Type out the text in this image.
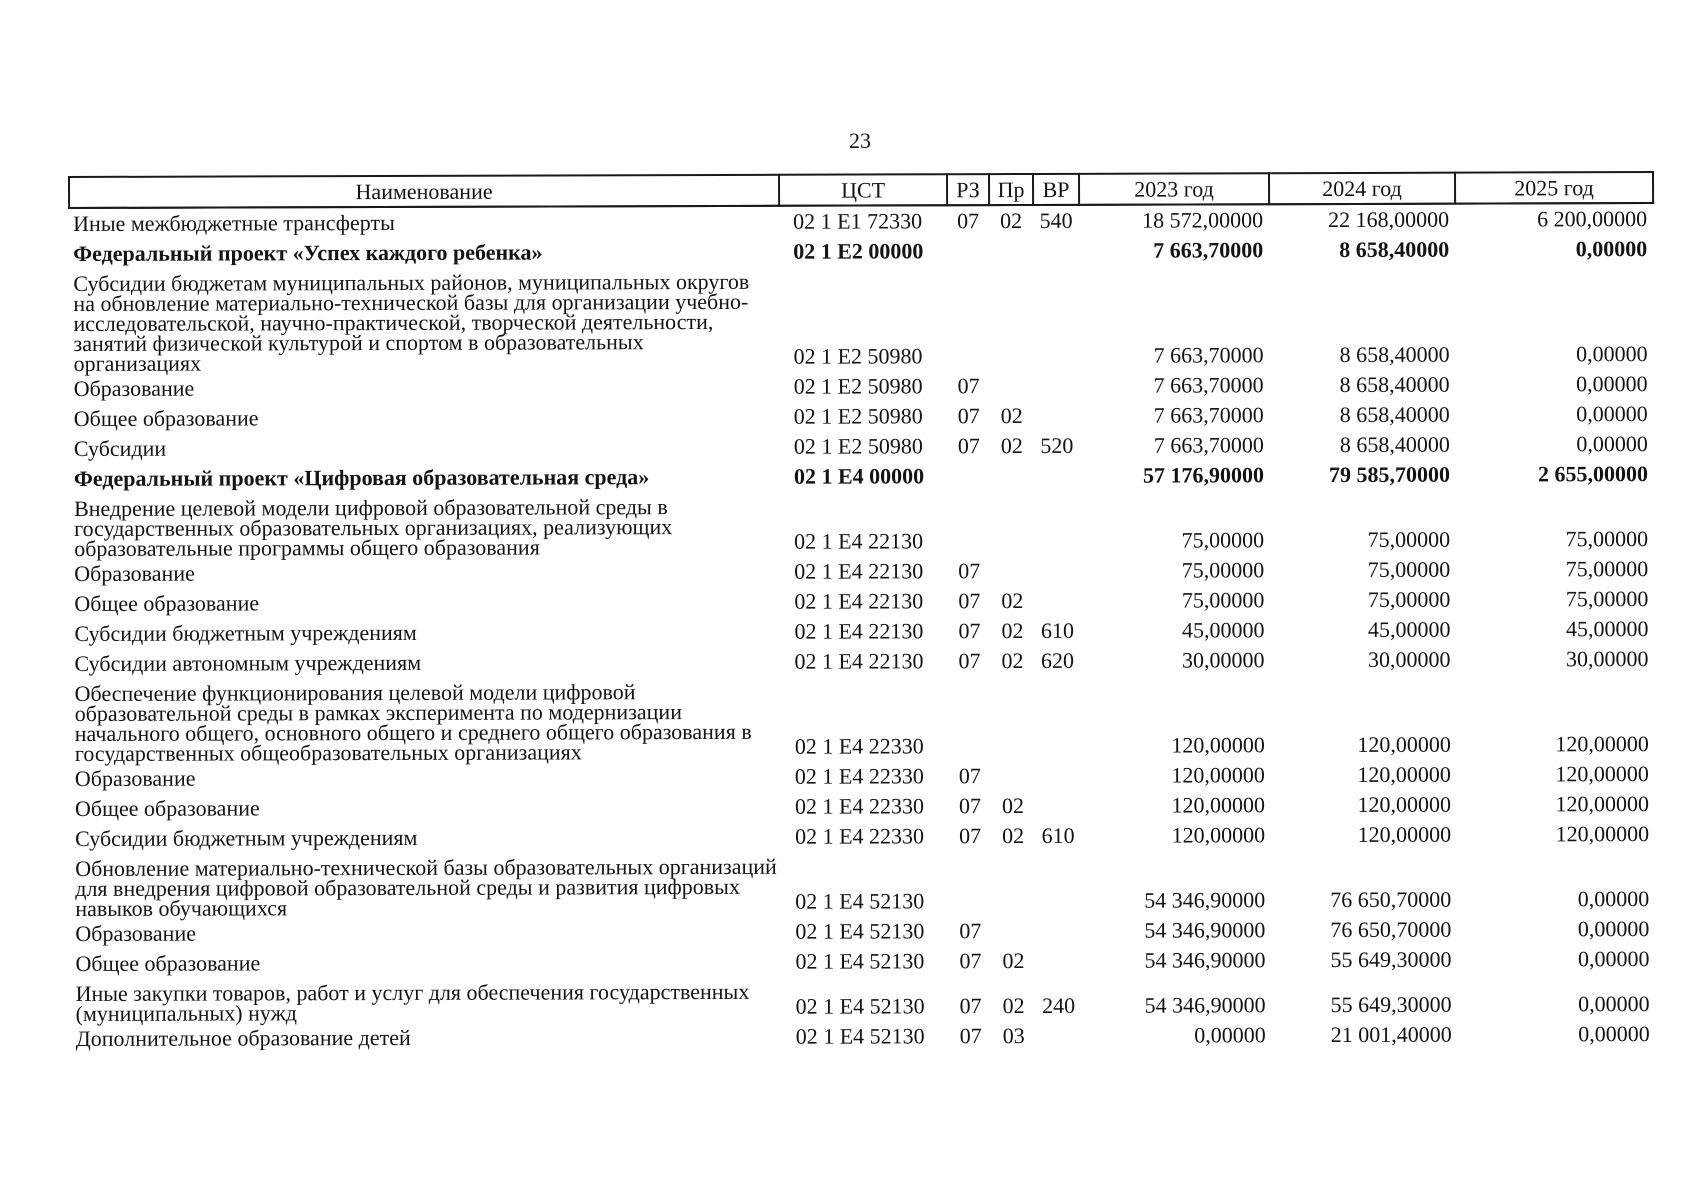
23
Наименование	ЦСТ	РЗ	Пр	ВР	2023 год	2024 год	2025 год
Иные межбюджетные трансферты	02 1 E1 72330	07	02	540	18 572,00000	22 168,00000	6 200,00000
Федеральный проект «Успех каждого ребенка»	02 1 E2 00000				7 663,70000	8 658,40000	0,00000
Субсидии бюджетам муниципальных районов, муниципальных округов на обновление материально-технической базы для организации учебно-исследовательской, научно-практической, творческой деятельности, занятий физической культурой и спортом в образовательных организациях	02 1 E2 50980				7 663,70000	8 658,40000	0,00000
Образование	02 1 E2 50980	07			7 663,70000	8 658,40000	0,00000
Общее образование	02 1 E2 50980	07	02		7 663,70000	8 658,40000	0,00000
Субсидии	02 1 E2 50980	07	02	520	7 663,70000	8 658,40000	0,00000
Федеральный проект «Цифровая образовательная среда»	02 1 E4 00000				57 176,90000	79 585,70000	2 655,00000
Внедрение целевой модели цифровой образовательной среды в государственных образовательных организациях, реализующих образовательные программы общего образования	02 1 E4 22130				75,00000	75,00000	75,00000
Образование	02 1 E4 22130	07			75,00000	75,00000	75,00000
Общее образование	02 1 E4 22130	07	02		75,00000	75,00000	75,00000
Субсидии бюджетным учреждениям	02 1 E4 22130	07	02	610	45,00000	45,00000	45,00000
Субсидии автономным учреждениям	02 1 E4 22130	07	02	620	30,00000	30,00000	30,00000
Обеспечение функционирования целевой модели цифровой образовательной среды в рамках эксперимента по модернизации начального общего, основного общего и среднего общего образования в государственных общеобразовательных организациях	02 1 E4 22330				120,00000	120,00000	120,00000
Образование	02 1 E4 22330	07			120,00000	120,00000	120,00000
Общее образование	02 1 E4 22330	07	02		120,00000	120,00000	120,00000
Субсидии бюджетным учреждениям	02 1 E4 22330	07	02	610	120,00000	120,00000	120,00000
Обновление материально-технической базы образовательных организаций для внедрения цифровой образовательной среды и развития цифровых навыков обучающихся	02 1 E4 52130				54 346,90000	76 650,70000	0,00000
Образование	02 1 E4 52130	07			54 346,90000	76 650,70000	0,00000
Общее образование	02 1 E4 52130	07	02		54 346,90000	55 649,30000	0,00000
Иные закупки товаров, работ и услуг для обеспечения государственных (муниципальных) нужд	02 1 E4 52130	07	02	240	54 346,90000	55 649,30000	0,00000
Дополнительное образование детей	02 1 E4 52130	07	03		0,00000	21 001,40000	0,00000
